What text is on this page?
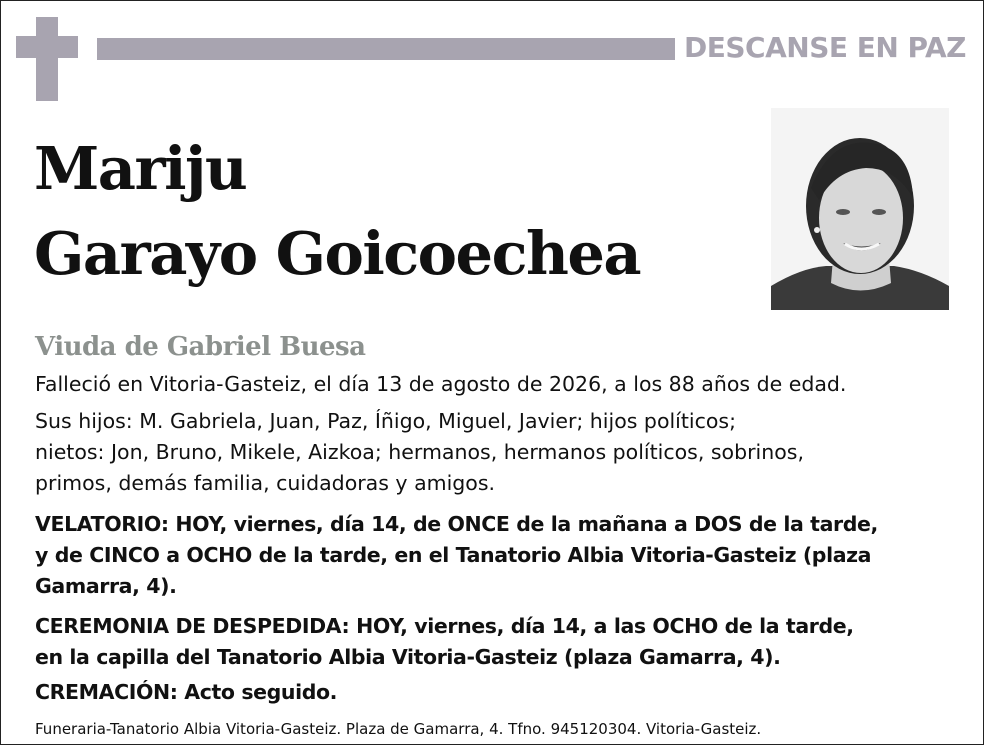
DESCANSE EN PAZ
Mariju
Garayo Goicoechea
Viuda de Gabriel Buesa
Falleció en Vitoria-Gasteiz, el día 13 de agosto de 2026, a los 88 años de edad.
Sus hijos: M. Gabriela, Juan, Paz, Íñigo, Miguel, Javier; hijos políticos;
nietos: Jon, Bruno, Mikele, Aizkoa; hermanos, hermanos políticos, sobrinos,
primos, demás familia, cuidadoras y amigos.
VELATORIO: HOY, viernes, día 14, de ONCE de la mañana a DOS de la tarde,
y de CINCO a OCHO de la tarde, en el Tanatorio Albia Vitoria-Gasteiz (plaza
Gamarra, 4).
CEREMONIA DE DESPEDIDA: HOY, viernes, día 14, a las OCHO de la tarde,
en la capilla del Tanatorio Albia Vitoria-Gasteiz (plaza Gamarra, 4).
CREMACIÓN: Acto seguido.
Funeraria-Tanatorio Albia Vitoria-Gasteiz. Plaza de Gamarra, 4. Tfno. 945120304. Vitoria-Gasteiz.
